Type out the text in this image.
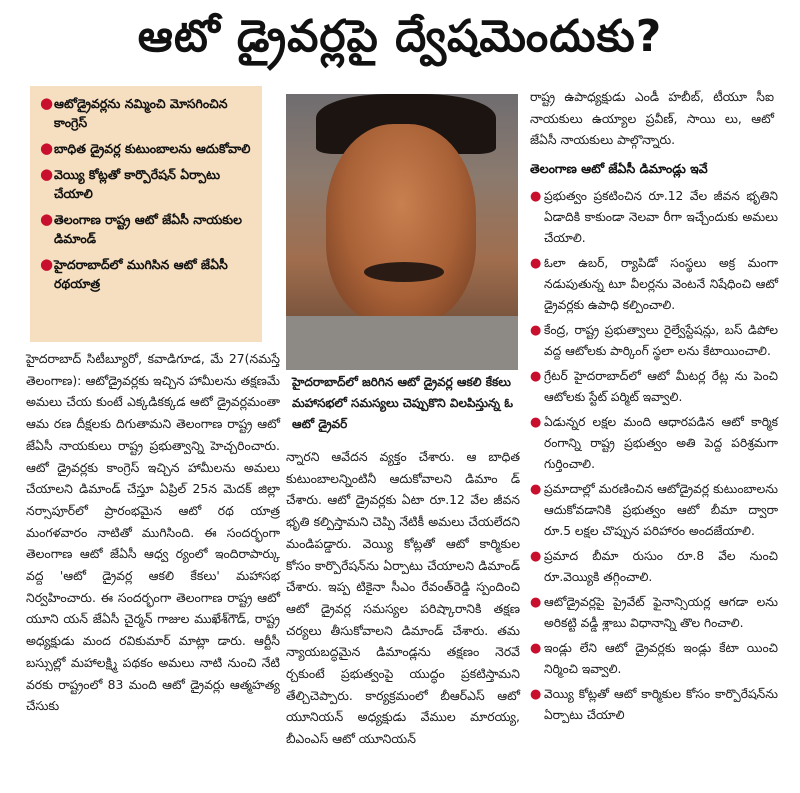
ఆటో డ్రైవర్లపై ద్వేషమెందుకు?
● ఆటోడ్రైవర్లను నమ్మించి మోసగించిన కాంగ్రెస్
● బాధిత డ్రైవర్ల కుటుంబాలను ఆదుకోవాలి
● వెయ్యి కోట్లతో కార్పొరేషన్ ఏర్పాటు చేయాలి
● తెలంగాణ రాష్ట్ర ఆటో జేఏసీ నాయకుల డిమాండ్
● హైదరాబాద్‌లో ముగిసిన ఆటో జేఏసీ రథయాత్ర
హైదరాబాద్‌లో జరిగిన ఆటో డ్రైవర్ల ఆకలి కేకలు మహాసభలో సమస్యలు చెప్పుకొని విలపిస్తున్న ఓ ఆటో డ్రైవర్
హైదరాబాద్ సిటీబ్యూరో, కవాడిగూడ, మే 27(నమస్తే తెలంగాణ): ఆటోడ్రైవర్లకు ఇచ్చిన హామీలను తక్షణమే అమలు చేయ కుంటే ఎక్కడికక్కడ ఆటో డ్రైవర్లమంతా ఆమ రణ దీక్షలకు దిగుతామని తెలంగాణ రాష్ట్ర ఆటో జేఏసీ నాయకులు రాష్ట్ర ప్రభుత్వాన్ని హెచ్చరించారు. ఆటో డ్రైవర్లకు కాంగ్రెస్ ఇచ్చిన హామీలను అమలు చేయాలని డిమాండ్ చేస్తూ ఏప్రిల్ 25న మెదక్ జిల్లా నర్సాపూర్‌లో ప్రారంభమైన ఆటో రథ యాత్ర మంగళవారం నాటితో ముగిసింది. ఈ సందర్భంగా తెలంగాణ ఆటో జేఏసీ ఆధ్వ ర్యంలో ఇందిరాపార్కు వద్ద 'ఆటో డ్రైవర్ల ఆకలి కేకలు' మహాసభ నిర్వహించారు. ఈ సందర్భంగా తెలంగాణ రాష్ట్ర ఆటో యూని యన్ జేఏసీ చైర్మన్ గాజుల ముఖేశ్‌గౌడ్, రాష్ట్ర అధ్యక్షుడు మంద రవికుమార్ మాట్లా డారు. ఆర్టీసీ బస్సుల్లో మహాలక్ష్మి పథకం అమలు నాటి నుంచి నేటి వరకు రాష్ట్రంలో 83 మంది ఆటో డ్రైవర్లు ఆత్మహత్య చేసుకు
న్నారని ఆవేదన వ్యక్తం చేశారు. ఆ బాధిత కుటుంబాలన్నింటినీ ఆదుకోవాలని డిమాం డ్ చేశారు. ఆటో డ్రైవర్లకు ఏటా రూ.12 వేల జీవన భృతి కల్పిస్తామని చెప్పి నేటికీ అమలు చేయలేదని మండిపడ్డారు. వెయ్యి కోట్లతో ఆటో కార్మికుల కోసం కార్పొరేషన్‌ను ఏర్పాటు చేయాలని డిమాండ్ చేశారు. ఇప్ప టికైనా సీఎం రేవంత్‌రెడ్డి స్పందించి ఆటో డ్రైవర్ల సమస్యల పరిష్కారానికి తక్షణ చర్యలు తీసుకోవాలని డిమాండ్ చేశారు. తమ న్యాయబద్ధమైన డిమాండ్లను తక్షణం నెరవే ర్చకుంటే ప్రభుత్వంపై యుద్ధం ప్రకటిస్తామని తేల్చిచెప్పారు. కార్యక్రమంలో బీఆర్‌ఎస్ ఆటో యూనియన్ అధ్యక్షుడు వేముల మారయ్య, బీఎంఎస్ ఆటో యూనియన్
రాష్ట్ర ఉపాధ్యక్షుడు ఎండీ హబీబ్, టీయూ సీఐ నాయకులు ఉయ్యాల ప్రవీణ్, సాయి లు, ఆటో జేఏసీ నాయకులు పాల్గొన్నారు.
తెలంగాణ ఆటో జేఏసీ డిమాండ్లు ఇవే
● ప్రభుత్వం ప్రకటించిన రూ.12 వేల జీవన భృతిని ఏడాదికి కాకుండా నెలవా రీగా ఇచ్చేందుకు అమలు చేయాలి.
● ఓలా ఉబర్, ర్యాపిడో సంస్థలు అక్ర మంగా నడుపుతున్న టూ వీలర్లను వెంటనే నిషేధించి ఆటో డ్రైవర్లకు ఉపాధి కల్పించాలి.
● కేంద్ర, రాష్ట్ర ప్రభుత్వాలు రైల్వేస్టేషన్లు, బస్ డిపోల వద్ద ఆటోలకు పార్కింగ్ స్థలా లను కేటాయించాలి.
● గ్రేటర్ హైదరాబాద్‌లో ఆటో మీటర్ల రేట్ల ను పెంచి ఆటోలకు స్టేట్ పర్మిట్ ఇవ్వాలి.
● ఏడున్నర లక్షల మంది ఆధారపడిన ఆటో కార్మిక రంగాన్ని రాష్ట్ర ప్రభుత్వం అతి పెద్ద పరిశ్రమగా గుర్తించాలి.
● ప్రమాదాల్లో మరణించిన ఆటోడ్రైవర్ల కుటుంబాలను ఆదుకోవడానికి ప్రభుత్వం ఆటో బీమా ద్వారా రూ.5 లక్షల చొప్పున పరిహారం అందజేయాలి.
● ప్రమాద బీమా రుసుం రూ.8 వేల నుంచి రూ.వెయ్యికి తగ్గించాలి.
● ఆటోడ్రైవర్లపై ప్రైవేట్ ఫైనాన్సియర్ల ఆగడా లను అరికట్టి వడ్డీ శ్లాబు విధానాన్ని తొల గించాలి.
● ఇండ్లు లేని ఆటో డ్రైవర్లకు ఇండ్లు కేటా యించి నిర్మించి ఇవ్వాలి.
● వెయ్యి కోట్లతో ఆటో కార్మికుల కోసం కార్పొరేషన్‌ను ఏర్పాటు చేయాలి
